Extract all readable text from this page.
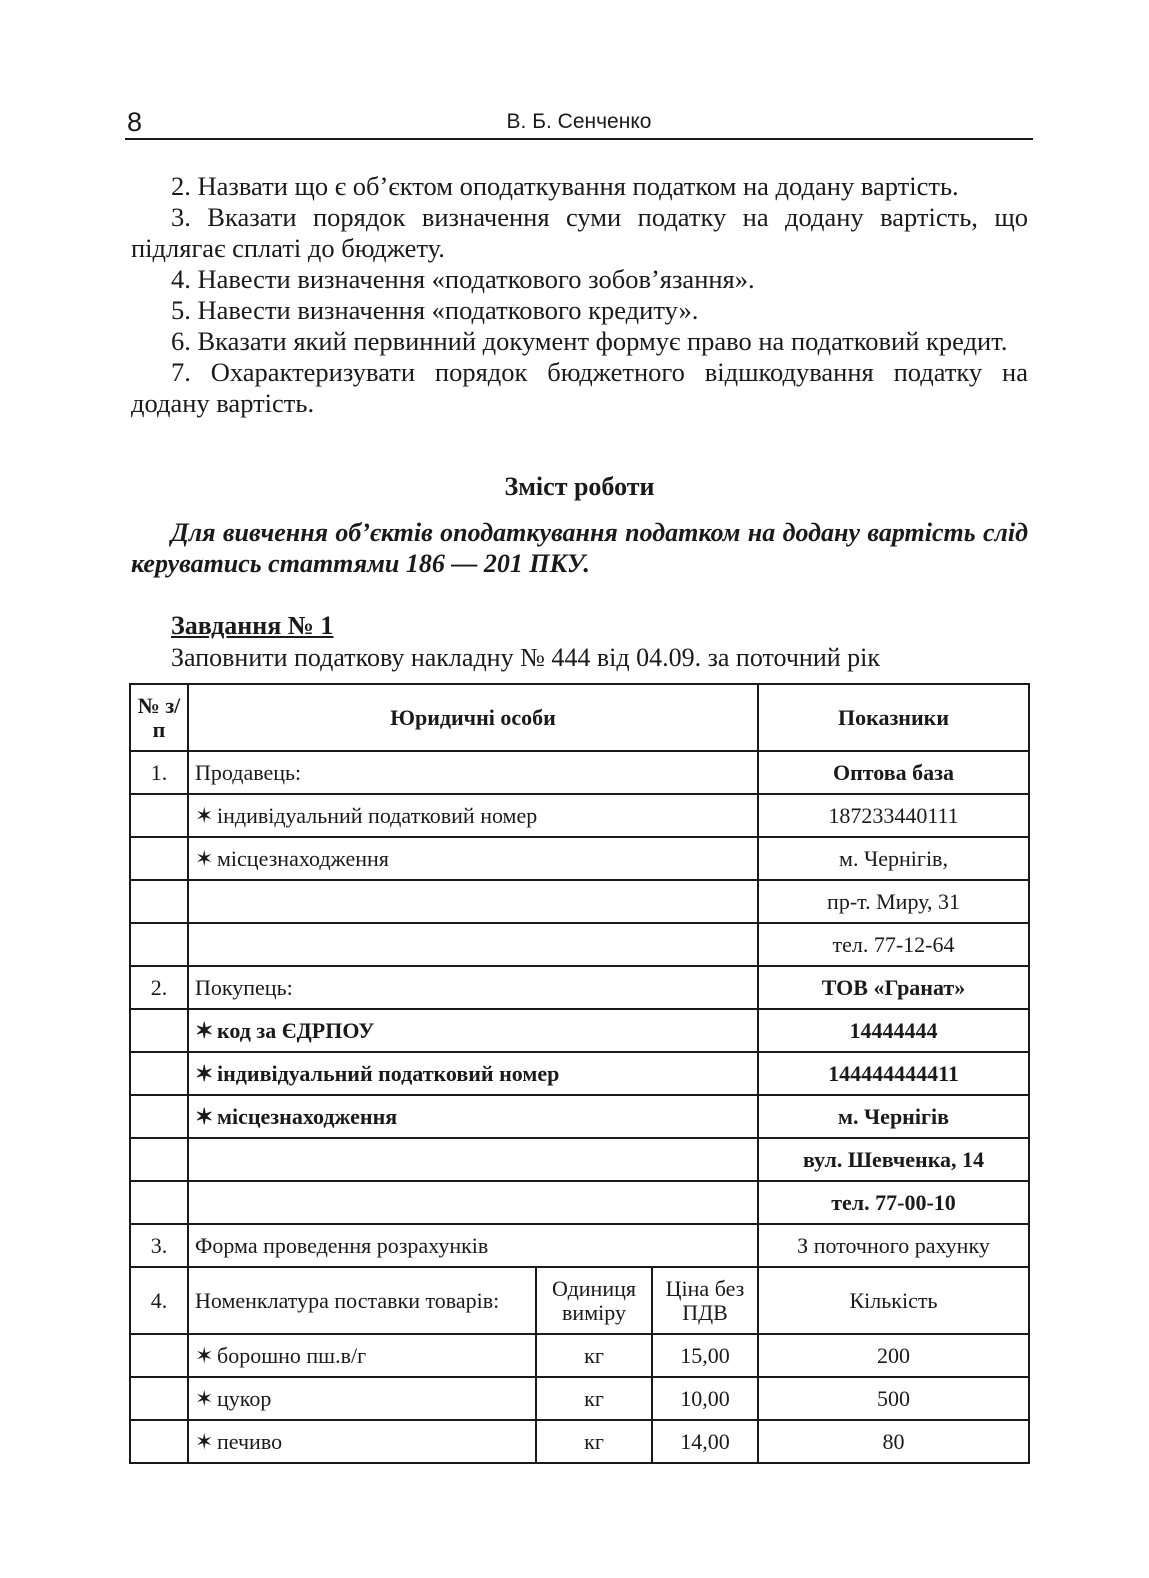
8	В. Б. Сенченко

2. Назвати що є об’єктом оподаткування податком на додану вартість.

3. Вказати порядок визначення суми податку на додану вартість, що підлягає сплаті до бюджету.

4. Навести визначення «податкового зобов’язання».

5. Навести визначення «податкового кредиту».

6. Вказати який первинний документ формує право на податковий кредит.

7. Охарактеризувати порядок бюджетного відшкодування податку на додану вартість.

Зміст роботи
Для вивчення об’єктів оподаткування податком на додану вартість слід керуватись статтями 186 — 201 ПКУ.
Завдання № 1
Заповнити податкову накладну № 444 від 04.09. за поточний рік
№ з/п	Юридичні особи			Показники
1.	Продавець:			Оптова база
	✶ індивідуальний податковий номер			187233440111
	✶ місцезнаходження			м. Чернігів,
				пр-т. Миру, 31
				тел. 77-12-64
2.	Покупець:			ТОВ «Гранат»
	✶ код за ЄДРПОУ			14444444
	✶ індивідуальний податковий номер			144444444411
	✶ місцезнаходження			м. Чернігів
				вул. Шевченка, 14
				тел. 77-00-10
3.	Форма проведення розрахунків			З поточного рахунку
4.	Номенклатура поставки товарів:	Одиниця виміру	Ціна без ПДВ	Кількість
	✶ борошно пш.в/г	кг	15,00	200
	✶ цукор	кг	10,00	500
	✶ печиво	кг	14,00	80
